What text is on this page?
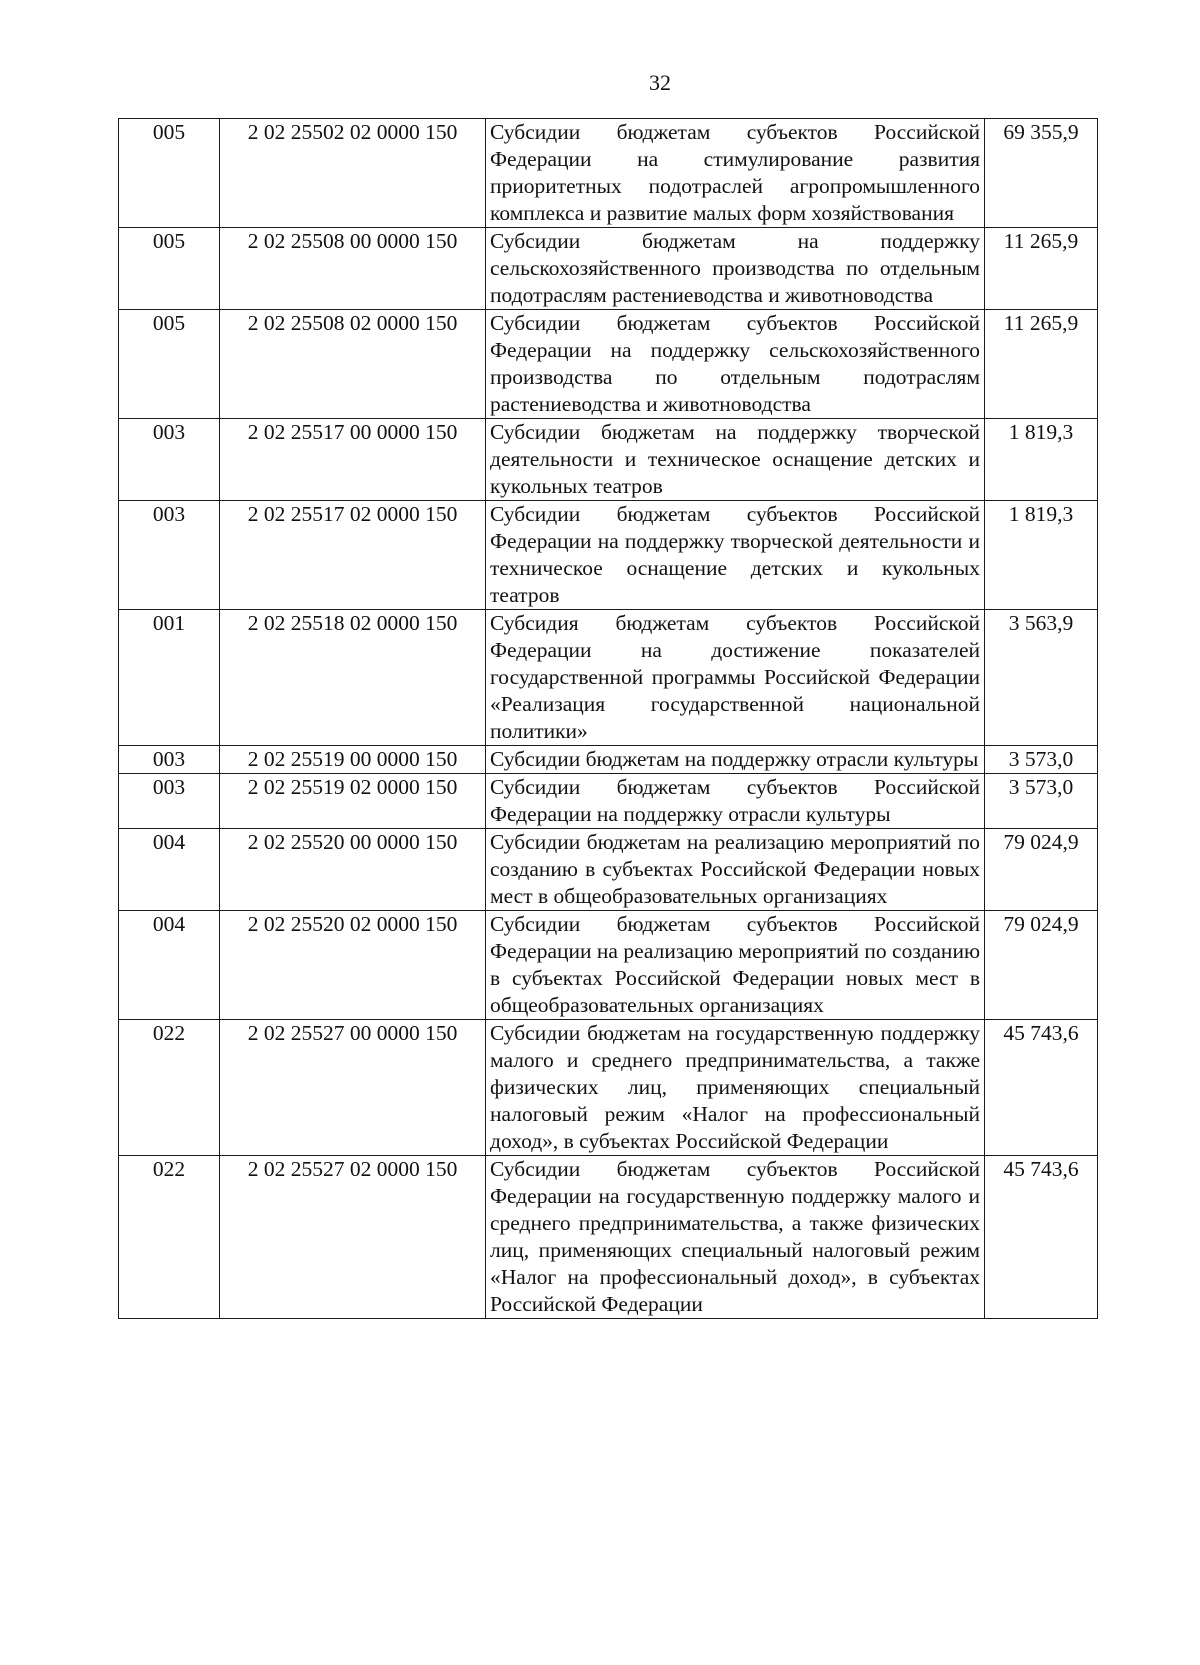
32
005	2 02 25502 02 0000 150	Субсидии бюджетам субъектов Российской Федерации на стимулирование развития приоритетных подотраслей агропромышленного комплекса и развитие малых форм хозяйствования	69 355,9
005	2 02 25508 00 0000 150	Субсидии бюджетам на поддержку сельскохозяйственного производства по отдельным подотраслям растениеводства и животноводства	11 265,9
005	2 02 25508 02 0000 150	Субсидии бюджетам субъектов Российской Федерации на поддержку сельскохозяйственного производства по отдельным подотраслям растениеводства и животноводства	11 265,9
003	2 02 25517 00 0000 150	Субсидии бюджетам на поддержку творческой деятельности и техническое оснащение детских и кукольных театров	1 819,3
003	2 02 25517 02 0000 150	Субсидии бюджетам субъектов Российской Федерации на поддержку творческой деятельности и техническое оснащение детских и кукольных театров	1 819,3
001	2 02 25518 02 0000 150	Субсидия бюджетам субъектов Российской Федерации на достижение показателей государственной программы Российской Федерации «Реализация государственной национальной политики»	3 563,9
003	2 02 25519 00 0000 150	Субсидии бюджетам на поддержку отрасли культуры	3 573,0
003	2 02 25519 02 0000 150	Субсидии бюджетам субъектов Российской Федерации на поддержку отрасли культуры	3 573,0
004	2 02 25520 00 0000 150	Субсидии бюджетам на реализацию мероприятий по созданию в субъектах Российской Федерации новых мест в общеобразовательных организациях	79 024,9
004	2 02 25520 02 0000 150	Субсидии бюджетам субъектов Российской Федерации на реализацию мероприятий по созданию в субъектах Российской Федерации новых мест в общеобразовательных организациях	79 024,9
022	2 02 25527 00 0000 150	Субсидии бюджетам на государственную поддержку малого и среднего предпринимательства, а также физических лиц, применяющих специальный налоговый режим «Налог на профессиональный доход», в субъектах Российской Федерации	45 743,6
022	2 02 25527 02 0000 150	Субсидии бюджетам субъектов Российской Федерации на государственную поддержку малого и среднего предпринимательства, а также физических лиц, применяющих специальный налоговый режим «Налог на профессиональный доход», в субъектах Российской Федерации	45 743,6
